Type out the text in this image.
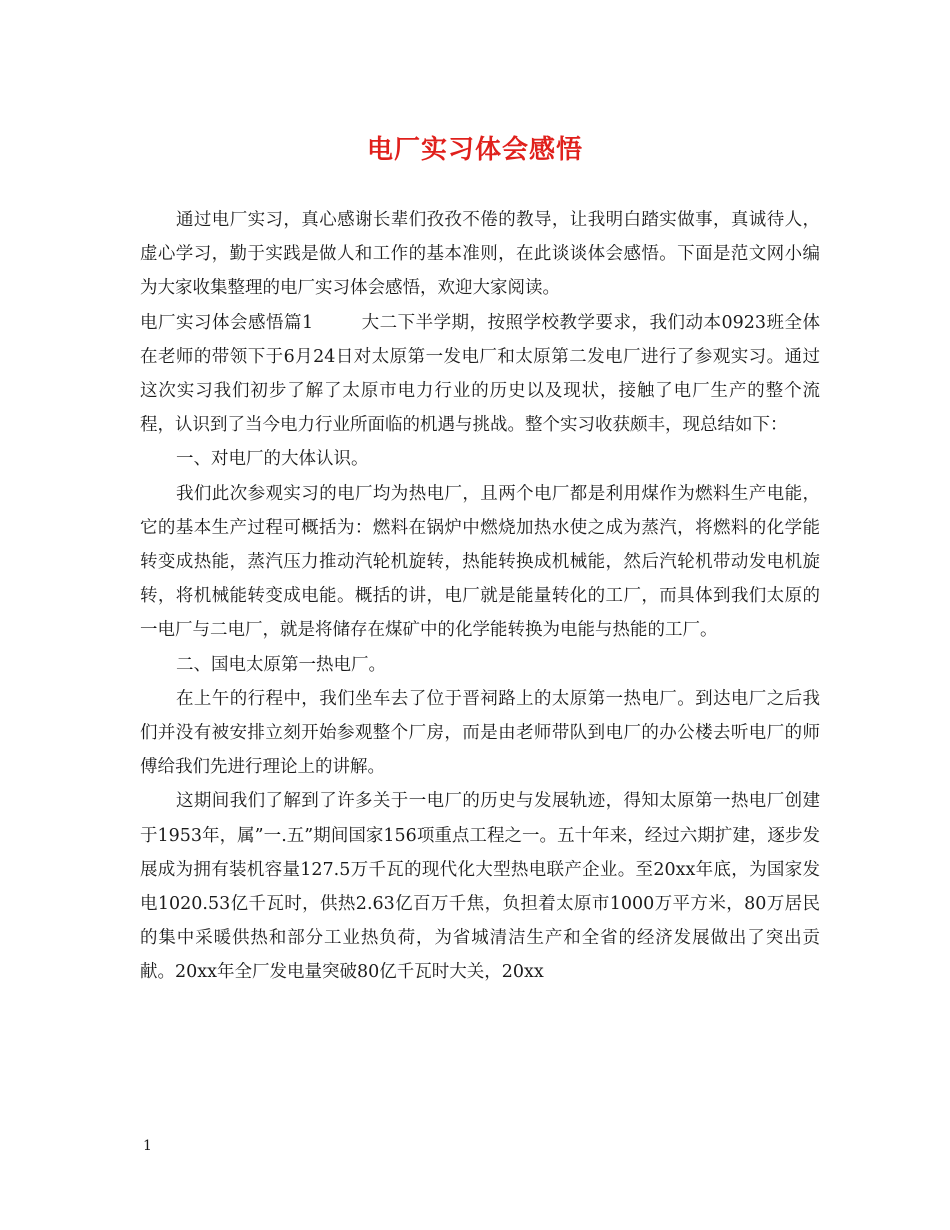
电厂实习体会感悟

通过电厂实习，真心感谢长辈们孜孜不倦的教导，让我明白踏实做事，真诚待人，虚心学习，勤于实践是做人和工作的基本准则，在此谈谈体会感悟。下面是范文网小编为大家收集整理的电厂实习体会感悟，欢迎大家阅读。

电厂实习体会感悟篇1	大二下半学期，按照学校教学要求，我们动本0923班全体在老师的带领下于6月24日对太原第一发电厂和太原第二发电厂进行了参观实习。通过这次实习我们初步了解了太原市电力行业的历史以及现状，接触了电厂生产的整个流程，认识到了当今电力行业所面临的机遇与挑战。整个实习收获颇丰，现总结如下：

一、对电厂的大体认识。

我们此次参观实习的电厂均为热电厂，且两个电厂都是利用煤作为燃料生产电能，它的基本生产过程可概括为：燃料在锅炉中燃烧加热水使之成为蒸汽，将燃料的化学能转变成热能，蒸汽压力推动汽轮机旋转，热能转换成机械能，然后汽轮机带动发电机旋转，将机械能转变成电能。概括的讲，电厂就是能量转化的工厂，而具体到我们太原的一电厂与二电厂，就是将储存在煤矿中的化学能转换为电能与热能的工厂。

二、国电太原第一热电厂。

在上午的行程中，我们坐车去了位于晋祠路上的太原第一热电厂。到达电厂之后我们并没有被安排立刻开始参观整个厂房，而是由老师带队到电厂的办公楼去听电厂的师傅给我们先进行理论上的讲解。

这期间我们了解到了许多关于一电厂的历史与发展轨迹，得知太原第一热电厂创建于1953年，属”一.五”期间国家156项重点工程之一。五十年来，经过六期扩建，逐步发展成为拥有装机容量127.5万千瓦的现代化大型热电联产企业。至20xx年底，为国家发电1020.53亿千瓦时，供热2.63亿百万千焦，负担着太原市1000万平方米，80万居民的集中采暖供热和部分工业热负荷，为省城清洁生产和全省的经济发展做出了突出贡献。20xx年全厂发电量突破80亿千瓦时大关，20xx

1
